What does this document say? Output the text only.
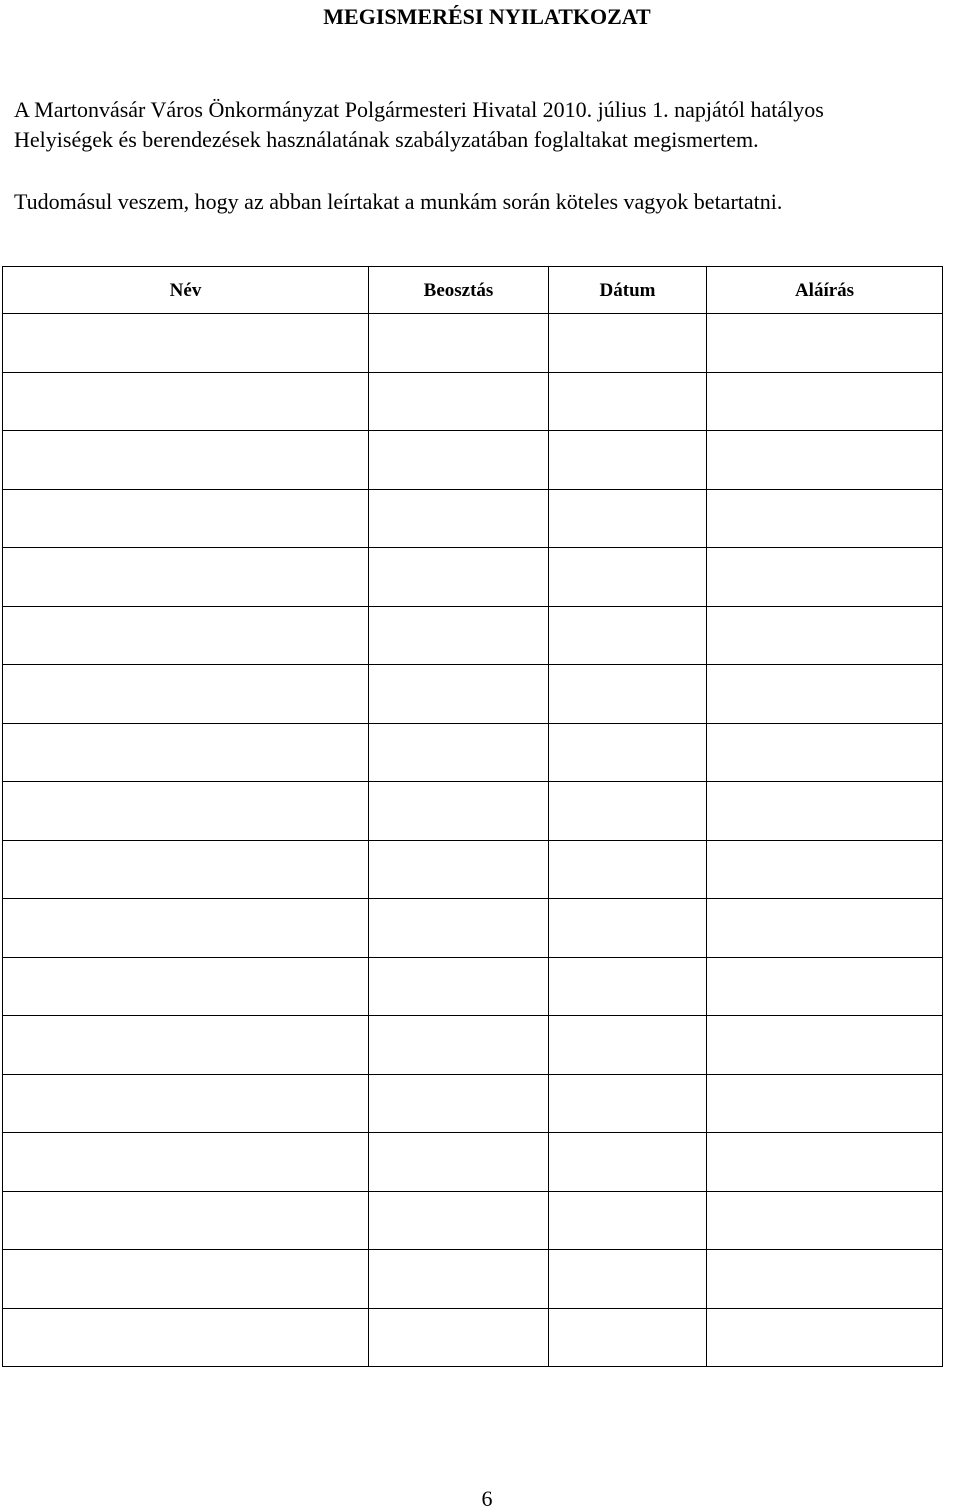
MEGISMERÉSI NYILATKOZAT

A Martonvásár Város Önkormányzat Polgármesteri Hivatal 2010. július 1. napjától hatályos

Helyiségek és berendezések használatának szabályzatában foglaltakat megismertem.

Tudomásul veszem, hogy az abban leírtakat a munkám során köteles vagyok betartatni.

Név	Beosztás	Dátum	Aláírás

6
